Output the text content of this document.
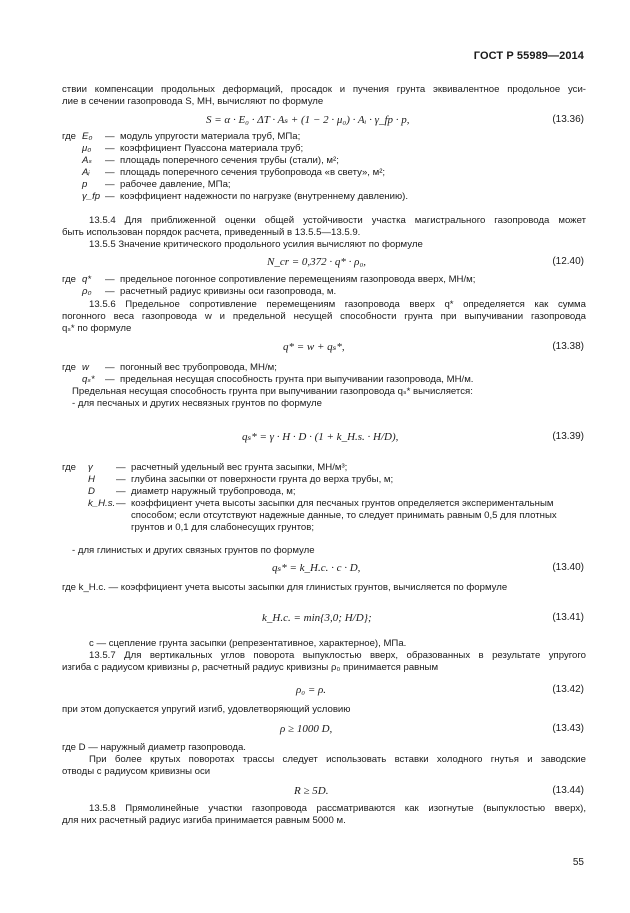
ГОСТ Р 55989—2014
ствии компенсации продольных деформаций, просадок и пучения грунта эквивалентное продольное уси-
лие в сечении газопровода S, МН, вычисляют по формуле
S = α · E₀ · ΔT · Aₛ + (1 − 2 · μ₀) · Aᵢ · γ_fp · p,	(13.36)
где E₀	— модуль упругости материала труб, МПа;
μ₀	— коэффициент Пуассона материала труб;
Aₛ	— площадь поперечного сечения трубы (стали), м²;
Aᵢ	— площадь поперечного сечения трубопровода «в свету», м²;
p	— рабочее давление, МПа;
γ_fp — коэффициент надежности по нагрузке (внутреннему давлению).
13.5.4 Для приближенной оценки общей устойчивости участка магистрального газопровода может
быть использован порядок расчета, приведенный в 13.5.5—13.5.9.
13.5.5 Значение критического продольного усилия вычисляют по формуле
N_cr = 0,372 · q* · ρ₀,	(12.40)
где q*	— предельное погонное сопротивление перемещениям газопровода вверх, МН/м;
ρ₀	— расчетный радиус кривизны оси газопровода, м.
13.5.6 Предельное сопротивление перемещениям газопровода вверх q* определяется как сумма
погонного веса газопровода w и предельной несущей способности грунта при выпучивании газопровода
qₛ* по формуле
q* = w + qₛ*,	(13.38)
где w	— погонный вес трубопровода, МН/м;
qₛ*	— предельная несущая способность грунта при выпучивании газопровода, МН/м.
Предельная несущая способность грунта при выпучивании газопровода qₛ* вычисляется:
- для песчаных и других несвязных грунтов по формуле
qₛ* = γ · H · D · (1 + k_H.s. · H/D),	(13.39)
где	γ	— расчетный удельный вес грунта засыпки, МН/м³;
H	— глубина засыпки от поверхности грунта до верха трубы, м;
D	— диаметр наружный трубопровода, м;
k_H.s. — коэффициент учета высоты засыпки для песчаных грунтов определяется экспериментальным способом; если отсутствуют надежные данные, то следует принимать равным 0,5 для плотных грунтов и 0,1 для слабонесущих грунтов;
- для глинистых и других связных грунтов по формуле
qₛ* = k_H.c. · c · D,	(13.40)
где k_H.c. — коэффициент учета высоты засыпки для глинистых грунтов, вычисляется по формуле
k_H.c. = min{3,0; H/D};	(13.41)
c — сцепление грунта засыпки (репрезентативное, характерное), МПа.
13.5.7 Для вертикальных углов поворота выпуклостью вверх, образованных в результате упругого
изгиба с радиусом кривизны ρ, расчетный радиус кривизны ρ₀ принимается равным
ρ₀ = ρ.	(13.42)
при этом допускается упругий изгиб, удовлетворяющий условию
ρ ≥ 1000 D,	(13.43)
где D — наружный диаметр газопровода.
При более крутых поворотах трассы следует использовать вставки холодного гнутья и заводские
отводы с радиусом кривизны оси
R ≥ 5D.	(13.44)
13.5.8 Прямолинейные участки газопровода рассматриваются как изогнутые (выпуклостью вверх),
для них расчетный радиус изгиба принимается равным 5000 м.
55
